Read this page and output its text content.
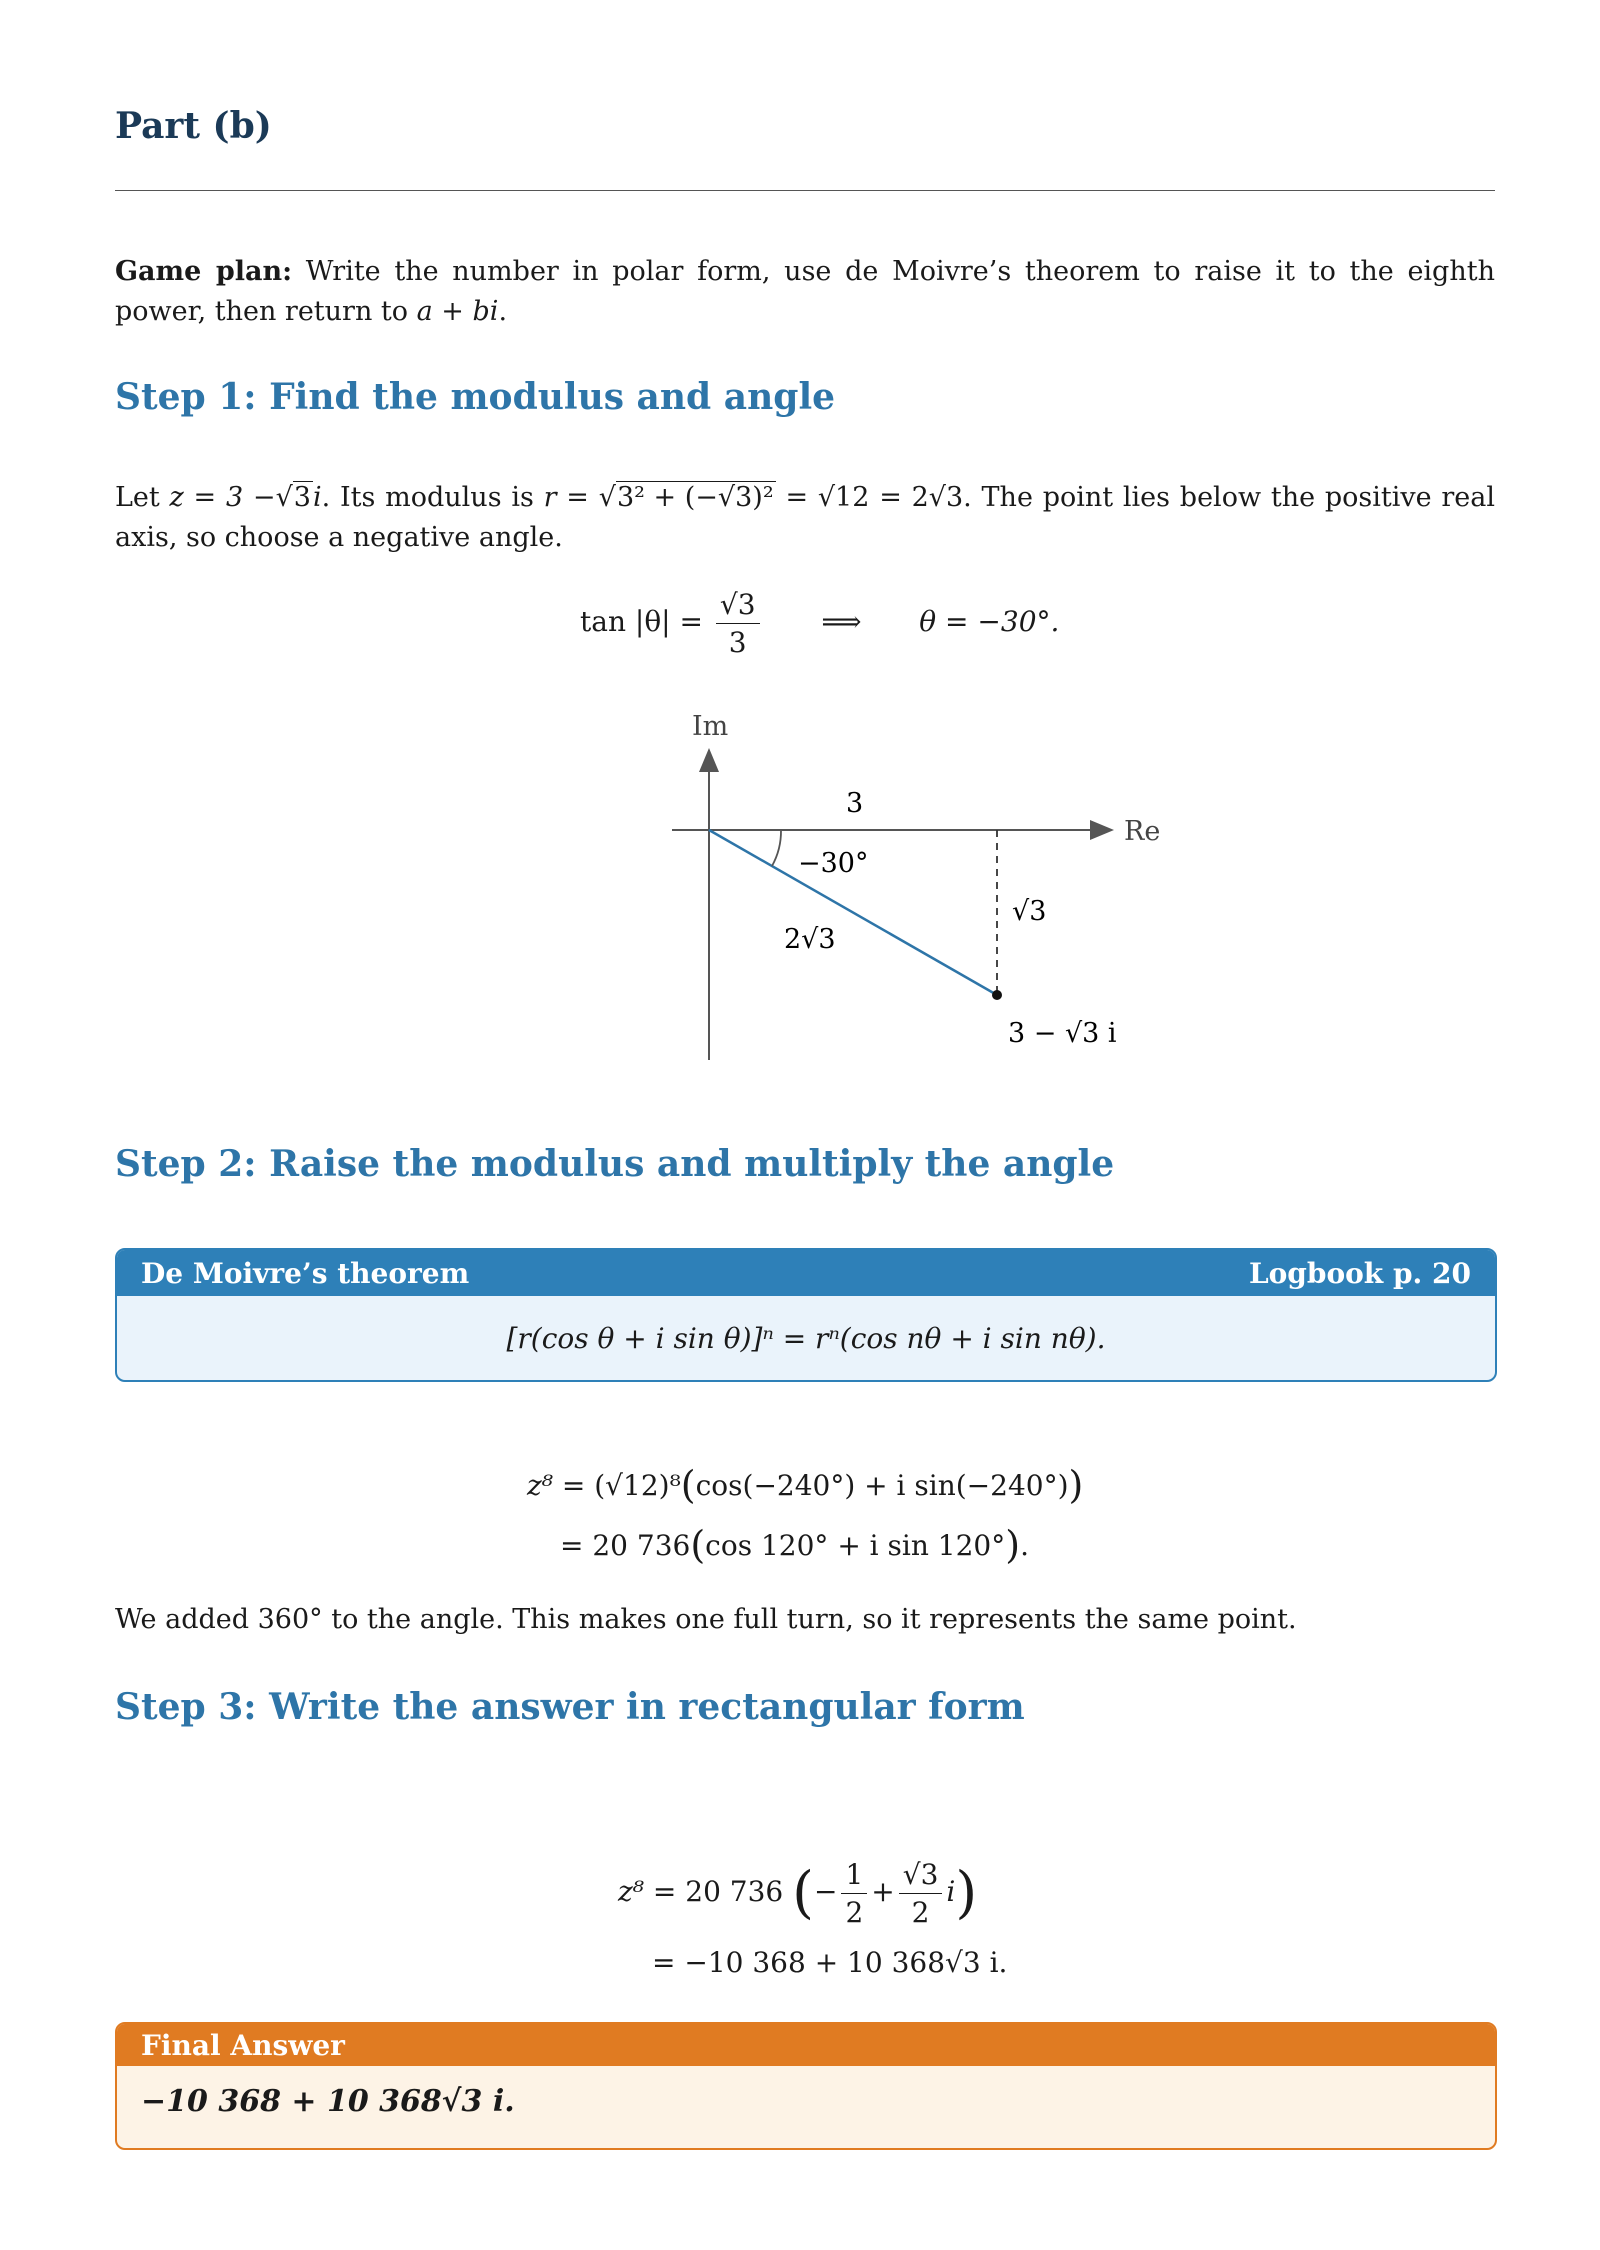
Part (b)
Game plan: Write the number in polar form, use de Moivre’s theorem to raise it to the eighth power, then return to a + bi.
Step 1: Find the modulus and angle
Let z = 3 −√3i. Its modulus is r = √3² + (−√3)² = √12 = 2√3. The point lies below the positive real axis, so choose a negative angle.
$\tan |\theta| = \frac{√3}{3}$ ⟹ θ = −30°.
Im
Re
3
−30°
√3
2√3
3 − √3 i
Step 2: Raise the modulus and multiply the angle
De Moivre’s theorem	Logbook p. 20
[r(cos θ + i sin θ)]ⁿ = rⁿ(cos nθ + i sin nθ).
z⁸ = (√12)⁸(cos(−240°) + i sin(−240°))
= 20 736(cos 120° + i sin 120°).
We added 360° to the angle. This makes one full turn, so it represents the same point.
Step 3: Write the answer in rectangular form
z⁸ = 20 736 (− $\frac{1}{2} + \frac{√3}{2} i$)
= −10 368 + 10 368√3 i.
Final Answer
−10 368 + 10 368√3 i.
